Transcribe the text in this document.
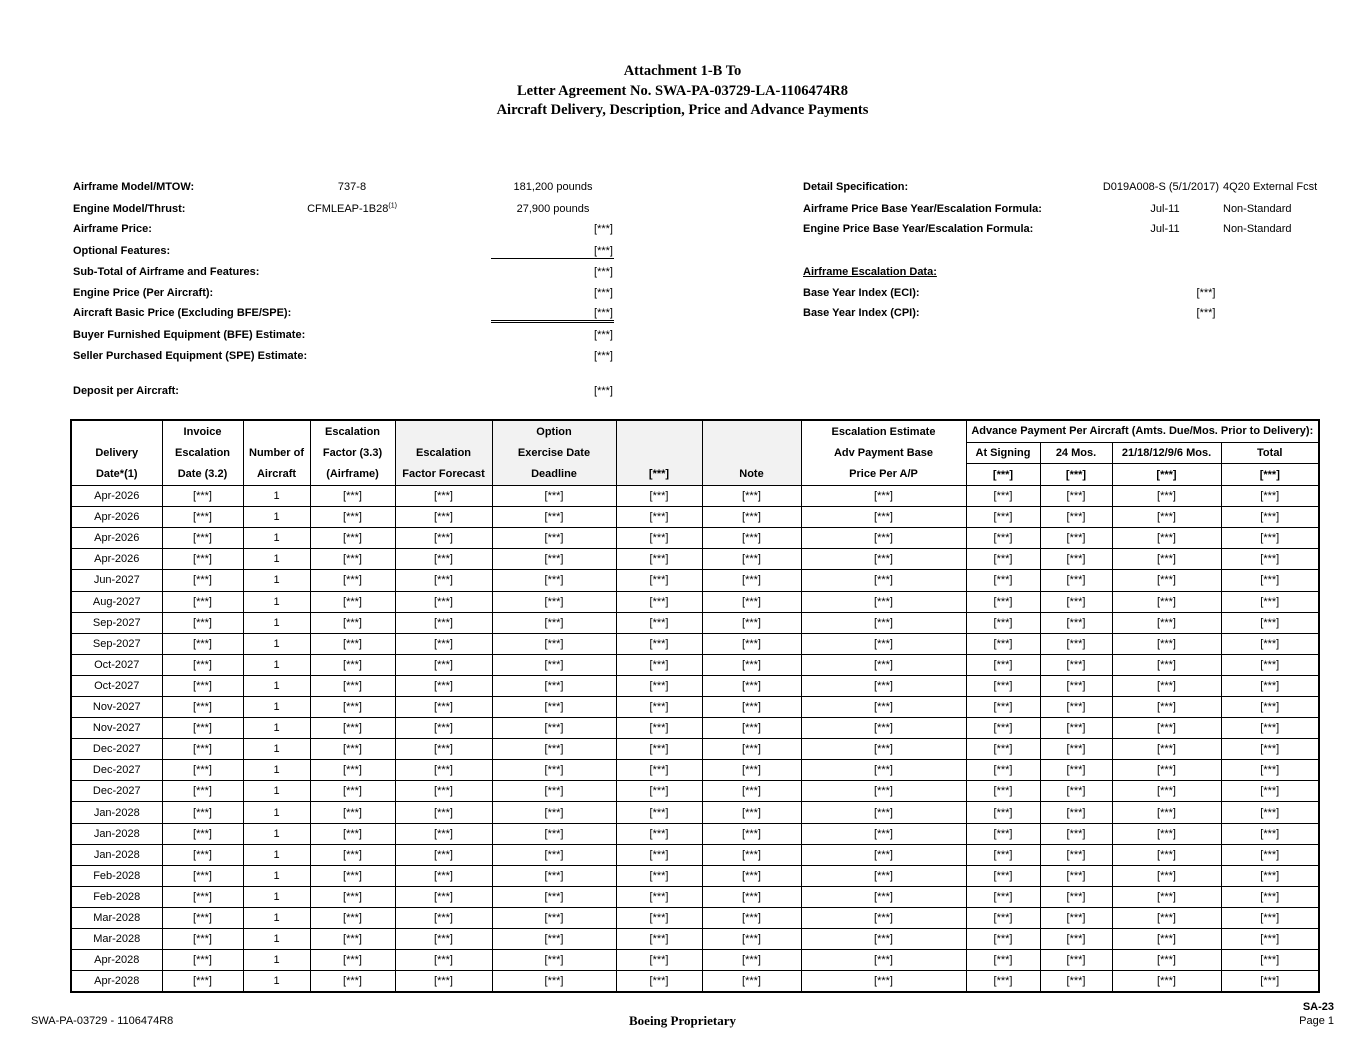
Attachment 1-B To
Letter Agreement No. SWA-PA-03729-LA-1106474R8
Aircraft Delivery, Description, Price and Advance Payments
Airframe Model/MTOW:	737-8	181,200 pounds
Engine Model/Thrust:	CFMLEAP-1B28$^{(1)}$	27,900 pounds
Airframe Price:	[***]
Optional Features:	[***]
Sub-Total of Airframe and Features:	[***]
Engine Price (Per Aircraft):	[***]
Aircraft Basic Price (Excluding BFE/SPE):	[***]
Buyer Furnished Equipment (BFE) Estimate:	[***]
Seller Purchased Equipment (SPE) Estimate:	[***]
Deposit per Aircraft:	[***]
Detail Specification:	D019A008-S (5/1/2017) 4Q20 External Fcst
Airframe Price Base Year/Escalation Formula:	Jul-11	Non-Standard
Engine Price Base Year/Escalation Formula:	Jul-11	Non-Standard
Airframe Escalation Data:
Base Year Index (ECI):	[***]
Base Year Index (CPI):	[***]
	Invoice		Escalation		Option			Escalation Estimate	Advance Payment Per Aircraft (Amts. Due/Mos. Prior to Delivery):			
Delivery	Escalation	Number of	Factor (3.3)	Escalation	Exercise Date			Adv Payment Base	At Signing	24 Mos.	21/18/12/9/6 Mos.	Total
Date*(1)	Date (3.2)	Aircraft	(Airframe)	Factor Forecast	Deadline	[***]	Note	Price Per A/P	[***]	[***]	[***]	[***]
Apr-2026	[***]	1	[***]	[***]	[***]	[***]	[***]	[***]	[***]	[***]	[***]	[***]
Apr-2026	[***]	1	[***]	[***]	[***]	[***]	[***]	[***]	[***]	[***]	[***]	[***]
Apr-2026	[***]	1	[***]	[***]	[***]	[***]	[***]	[***]	[***]	[***]	[***]	[***]
Apr-2026	[***]	1	[***]	[***]	[***]	[***]	[***]	[***]	[***]	[***]	[***]	[***]
Jun-2027	[***]	1	[***]	[***]	[***]	[***]	[***]	[***]	[***]	[***]	[***]	[***]
Aug-2027	[***]	1	[***]	[***]	[***]	[***]	[***]	[***]	[***]	[***]	[***]	[***]
Sep-2027	[***]	1	[***]	[***]	[***]	[***]	[***]	[***]	[***]	[***]	[***]	[***]
Sep-2027	[***]	1	[***]	[***]	[***]	[***]	[***]	[***]	[***]	[***]	[***]	[***]
Oct-2027	[***]	1	[***]	[***]	[***]	[***]	[***]	[***]	[***]	[***]	[***]	[***]
Oct-2027	[***]	1	[***]	[***]	[***]	[***]	[***]	[***]	[***]	[***]	[***]	[***]
Nov-2027	[***]	1	[***]	[***]	[***]	[***]	[***]	[***]	[***]	[***]	[***]	[***]
Nov-2027	[***]	1	[***]	[***]	[***]	[***]	[***]	[***]	[***]	[***]	[***]	[***]
Dec-2027	[***]	1	[***]	[***]	[***]	[***]	[***]	[***]	[***]	[***]	[***]	[***]
Dec-2027	[***]	1	[***]	[***]	[***]	[***]	[***]	[***]	[***]	[***]	[***]	[***]
Dec-2027	[***]	1	[***]	[***]	[***]	[***]	[***]	[***]	[***]	[***]	[***]	[***]
Jan-2028	[***]	1	[***]	[***]	[***]	[***]	[***]	[***]	[***]	[***]	[***]	[***]
Jan-2028	[***]	1	[***]	[***]	[***]	[***]	[***]	[***]	[***]	[***]	[***]	[***]
Jan-2028	[***]	1	[***]	[***]	[***]	[***]	[***]	[***]	[***]	[***]	[***]	[***]
Feb-2028	[***]	1	[***]	[***]	[***]	[***]	[***]	[***]	[***]	[***]	[***]	[***]
Feb-2028	[***]	1	[***]	[***]	[***]	[***]	[***]	[***]	[***]	[***]	[***]	[***]
Mar-2028	[***]	1	[***]	[***]	[***]	[***]	[***]	[***]	[***]	[***]	[***]	[***]
Mar-2028	[***]	1	[***]	[***]	[***]	[***]	[***]	[***]	[***]	[***]	[***]	[***]
Apr-2028	[***]	1	[***]	[***]	[***]	[***]	[***]	[***]	[***]	[***]	[***]	[***]
Apr-2028	[***]	1	[***]	[***]	[***]	[***]	[***]	[***]	[***]	[***]	[***]	[***]
SWA-PA-03729 - 1106474R8	Boeing Proprietary
SA-23
Page 1
